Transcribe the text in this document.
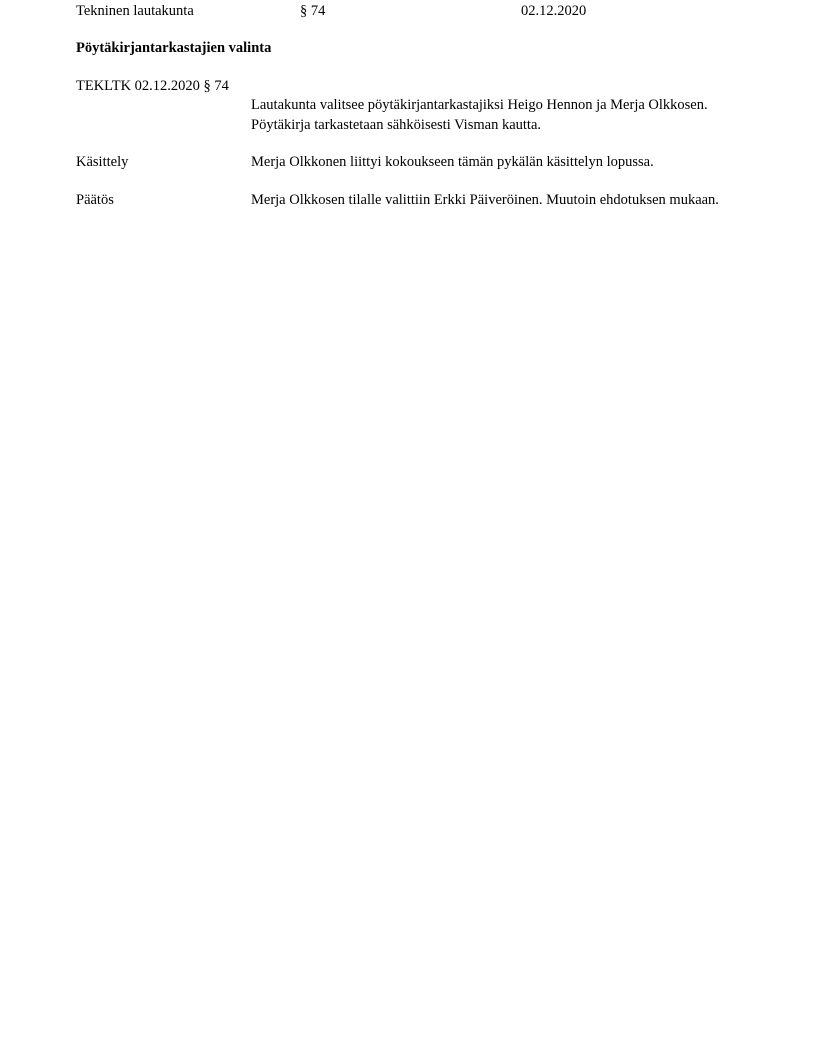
Tekninen lautakunta	§ 74	02.12.2020
Pöytäkirjantarkastajien valinta
TEKLTK 02.12.2020 § 74
Lautakunta valitsee pöytäkirjantarkastajiksi Heigo Hennon ja Merja Olkkosen. Pöytäkirja tarkastetaan sähköisesti Visman kautta.
Käsittely	Merja Olkkonen liittyi kokoukseen tämän pykälän käsittelyn lopussa.
Päätös	Merja Olkkosen tilalle valittiin Erkki Päiveröinen. Muutoin ehdotuksen mukaan.
